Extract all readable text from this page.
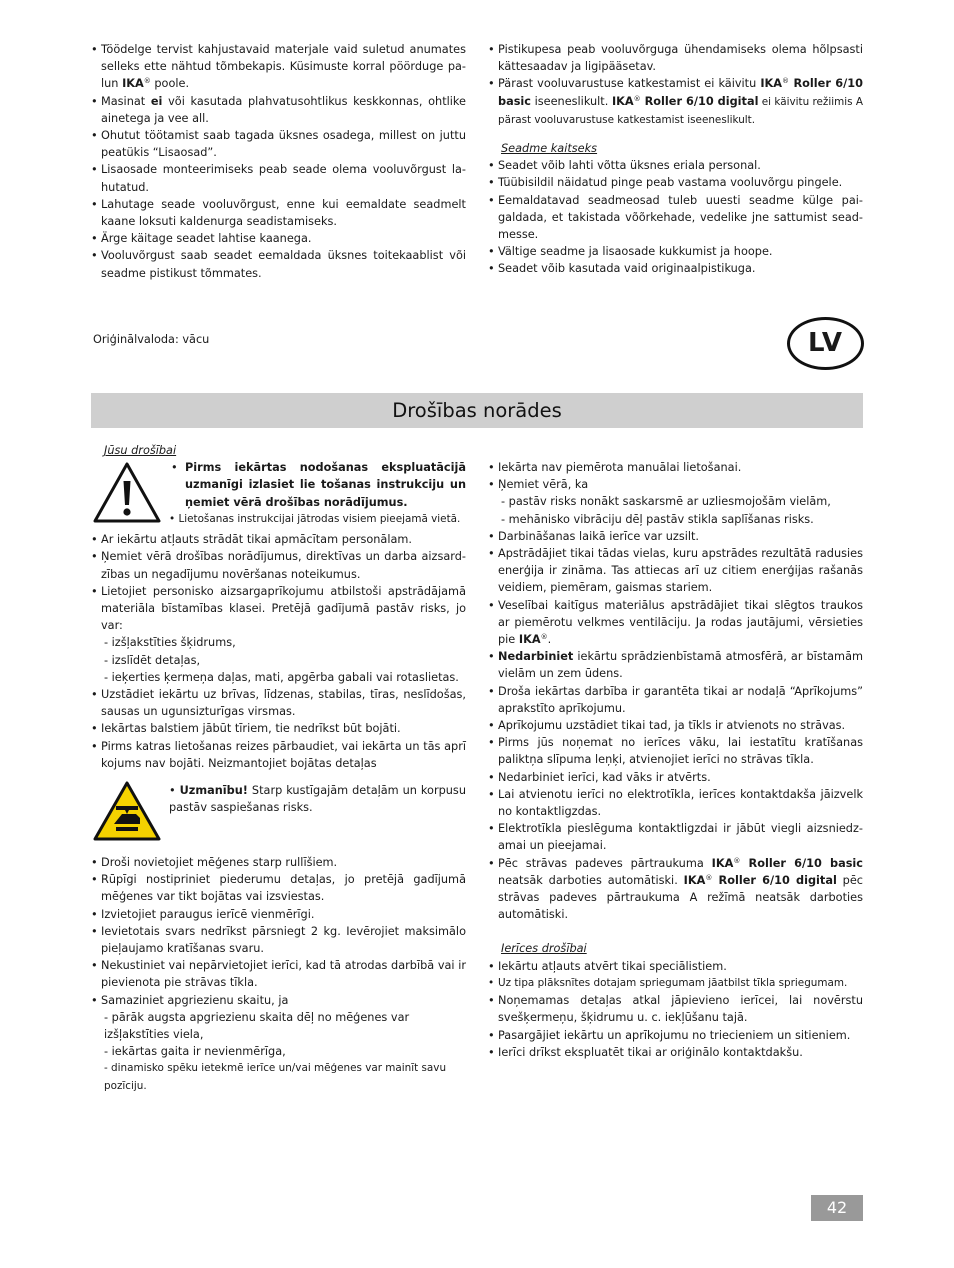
• Töödelge tervist kahjustavaid materjale vaid suletud anumates selleks ette nähtud tõmbekapis. Küsimuste korral pöörduge pa-lun IKA® poole.
• Masinat ei või kasutada plahvatusohtlikus keskkonnas, ohtlike ainetega ja vee all.
• Ohutut töötamist saab tagada üksnes osadega, millest on juttu peatükis “Lisaosad”.
• Lisaosade monteerimiseks peab seade olema vooluvõrgust la-hutatud.
• Lahutage seade vooluvõrgust, enne kui eemaldate seadmelt kaane loksuti kaldenurga seadistamiseks.
• Ärge käitage seadet lahtise kaanega.
• Vooluvõrgust saab seadet eemaldada üksnes toitekaablist või seadme pistikust tõmmates.
• Pistikupesa peab vooluvõrguga ühendamiseks olema hõlpsasti kättesaadav ja ligipääsetav.
• Pärast vooluvarustuse katkestamist ei käivitu IKA® Roller 6/10 basic iseeneslikult. IKA® Roller 6/10 digital ei käivitu režiimis A pärast vooluvarustuse katkestamist iseeneslikult.
Seadme kaitseks
• Seadet võib lahti võtta üksnes eriala personal.
• Tüübisildil näidatud pinge peab vastama vooluvõrgu pingele.
• Eemaldatavad seadmeosad tuleb uuesti seadme külge pai-galdada, et takistada võõrkehade, vedelike jne sattumist sead-messe.
• Vältige seadme ja lisaosade kukkumist ja hoope.
• Seadet võib kasutada vaid originaalpistikuga.
Oriģinālvaloda: vācu	LV
Drošības norādes
Jūsu drošībai
• Pirms iekārtas nodošanas ekspluatācijā uzmanīgi izlasiet lie tošanas instrukciju un ņemiet vērā drošības norādījumus.
• Lietošanas instrukcijai jātrodas visiem pieejamā vietā.
• Ar iekārtu atļauts strādāt tikai apmācītam personālam.
• Ņemiet vērā drošības norādījumus, direktīvas un darba aizsard-zības un negadījumu novēršanas noteikumus.
• Lietojiet personisko aizsargaprīkojumu atbilstoši apstrādājamā materiāla bīstamības klasei. Pretējā gadījumā pastāv risks, jo var:
- izšļakstīties šķidrums,
- izslīdēt detaļas,
- ieķerties ķermeņa daļas, mati, apgērba gabali vai rotaslietas.
• Uzstādiet iekārtu uz brīvas, līdzenas, stabilas, tīras, neslīdošas, sausas un ugunsizturīgas virsmas.
• Iekārtas balstiem jābūt tīriem, tie nedrīkst būt bojāti.
• Pirms katras lietošanas reizes pārbaudiet, vai iekārta un tās aprī kojums nav bojāti. Neizmantojiet bojātas detaļas
• Uzmanību! Starp kustīgajām detaļām un korpusu pastāv saspiešanas risks.
• Droši novietojiet mēģenes starp rullīšiem.
• Rūpīgi nostipriniet piederumu detaļas, jo pretējā gadījumā mēģenes var tikt bojātas vai izsviestas.
• Izvietojiet paraugus ierīcē vienmērīgi.
• Ievietotais svars nedrīkst pārsniegt 2 kg. Ievērojiet maksimālo pieļaujamo kratīšanas svaru.
• Nekustiniet vai nepārvietojiet ierīci, kad tā atrodas darbībā vai ir pievienota pie strāvas tīkla.
• Samaziniet apgriezienu skaitu, ja
- pārāk augsta apgriezienu skaita dēļ no mēģenes var izšļakstīties viela,
- iekārtas gaita ir nevienmērīga,
- dinamisko spēku ietekmē ierīce un/vai mēģenes var mainīt savu pozīciju.
• Iekārta nav piemērota manuālai lietošanai.
• Ņemiet vērā, ka
- pastāv risks nonākt saskarsmē ar uzliesmojošām vielām,
- mehānisko vibrāciju dēļ pastāv stikla saplīšanas risks.
• Darbināšanas laikā ierīce var uzsilt.
• Apstrādājiet tikai tādas vielas, kuru apstrādes rezultātā radusies enerģija ir zināma. Tas attiecas arī uz citiem enerģijas rašanās veidiem, piemēram, gaismas stariem.
• Veselībai kaitīgus materiālus apstrādājiet tikai slēgtos traukos ar piemērotu velkmes ventilāciju. Ja rodas jautājumi, vērsieties pie IKA®.
• Nedarbiniet iekārtu sprādzienbīstamā atmosfērā, ar bīstamām vielām un zem ūdens.
• Droša iekārtas darbība ir garantēta tikai ar nodaļā “Aprīkojums” aprakstīto aprīkojumu.
• Aprīkojumu uzstādiet tikai tad, ja tīkls ir atvienots no strāvas.
• Pirms jūs noņemat no ierīces vāku, lai iestatītu kratīšanas paliktņa slīpuma leņķi, atvienojiet ierīci no strāvas tīkla.
• Nedarbiniet ierīci, kad vāks ir atvērts.
• Lai atvienotu ierīci no elektrotīkla, ierīces kontaktdakša jāizvelk no kontaktligzdas.
• Elektrotīkla pieslēguma kontaktligzdai ir jābūt viegli aizsniedz-amai un pieejamai.
• Pēc strāvas padeves pārtraukuma IKA® Roller 6/10 basic neatsāk darboties automātiski. IKA® Roller 6/10 digital pēc strāvas padeves pārtraukuma A režīmā neatsāk darboties automātiski.
Ierīces drošībai
• Iekārtu atļauts atvērt tikai speciālistiem.
• Uz tipa plāksnītes dotajam spriegumam jāatbilst tīkla spriegumam.
• Noņemamas detaļas atkal jāpievieno ierīcei, lai novērstu svešķermeņu, šķidrumu u. c. iekļūšanu tajā.
• Pasargājiet iekārtu un aprīkojumu no triecieniem un sitieniem.
• Ierīci drīkst ekspluatēt tikai ar oriģinālo kontaktdakšu.
42
